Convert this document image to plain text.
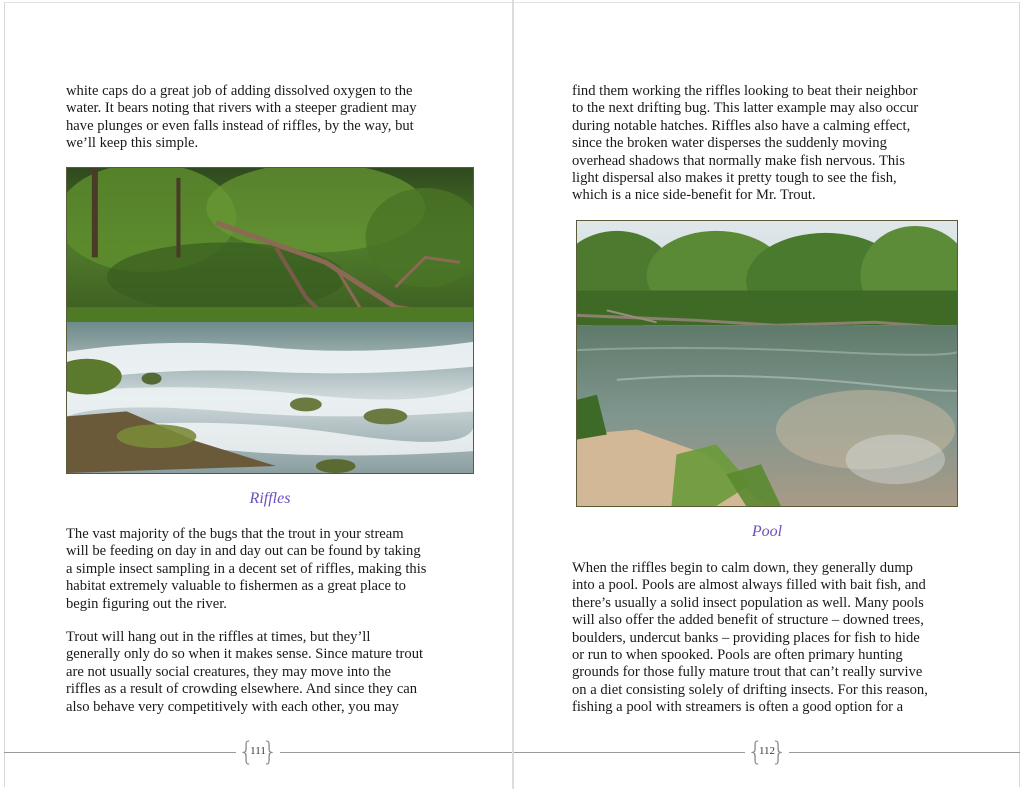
white caps do a great job of adding dissolved oxygen to the
water. It bears noting that rivers with a steeper gradient may
have plunges or even falls instead of riffles, by the way, but
we’ll keep this simple.

Riffles

The vast majority of the bugs that the trout in your stream
will be feeding on day in and day out can be found by taking
a simple insect sampling in a decent set of riffles, making this
habitat extremely valuable to fishermen as a great place to
begin figuring out the river.

Trout will hang out in the riffles at times, but they’ll
generally only do so when it makes sense. Since mature trout
are not usually social creatures, they may move into the
riffles as a result of crowding elsewhere. And since they can
also behave very competitively with each other, you may

find them working the riffles looking to beat their neighbor
to the next drifting bug. This latter example may also occur
during notable hatches. Riffles also have a calming effect,
since the broken water disperses the suddenly moving
overhead shadows that normally make fish nervous. This
light dispersal also makes it pretty tough to see the fish,
which is a nice side-benefit for Mr. Trout.

Pool

When the riffles begin to calm down, they generally dump
into a pool. Pools are almost always filled with bait fish, and
there’s usually a solid insect population as well. Many pools
will also offer the added benefit of structure – downed trees,
boulders, undercut banks – providing places for fish to hide
or run to when spooked. Pools are often primary hunting
grounds for those fully mature trout that can’t really survive
on a diet consisting solely of drifting insects. For this reason,
fishing a pool with streamers is often a good option for a

{
111
}	{
112
}
